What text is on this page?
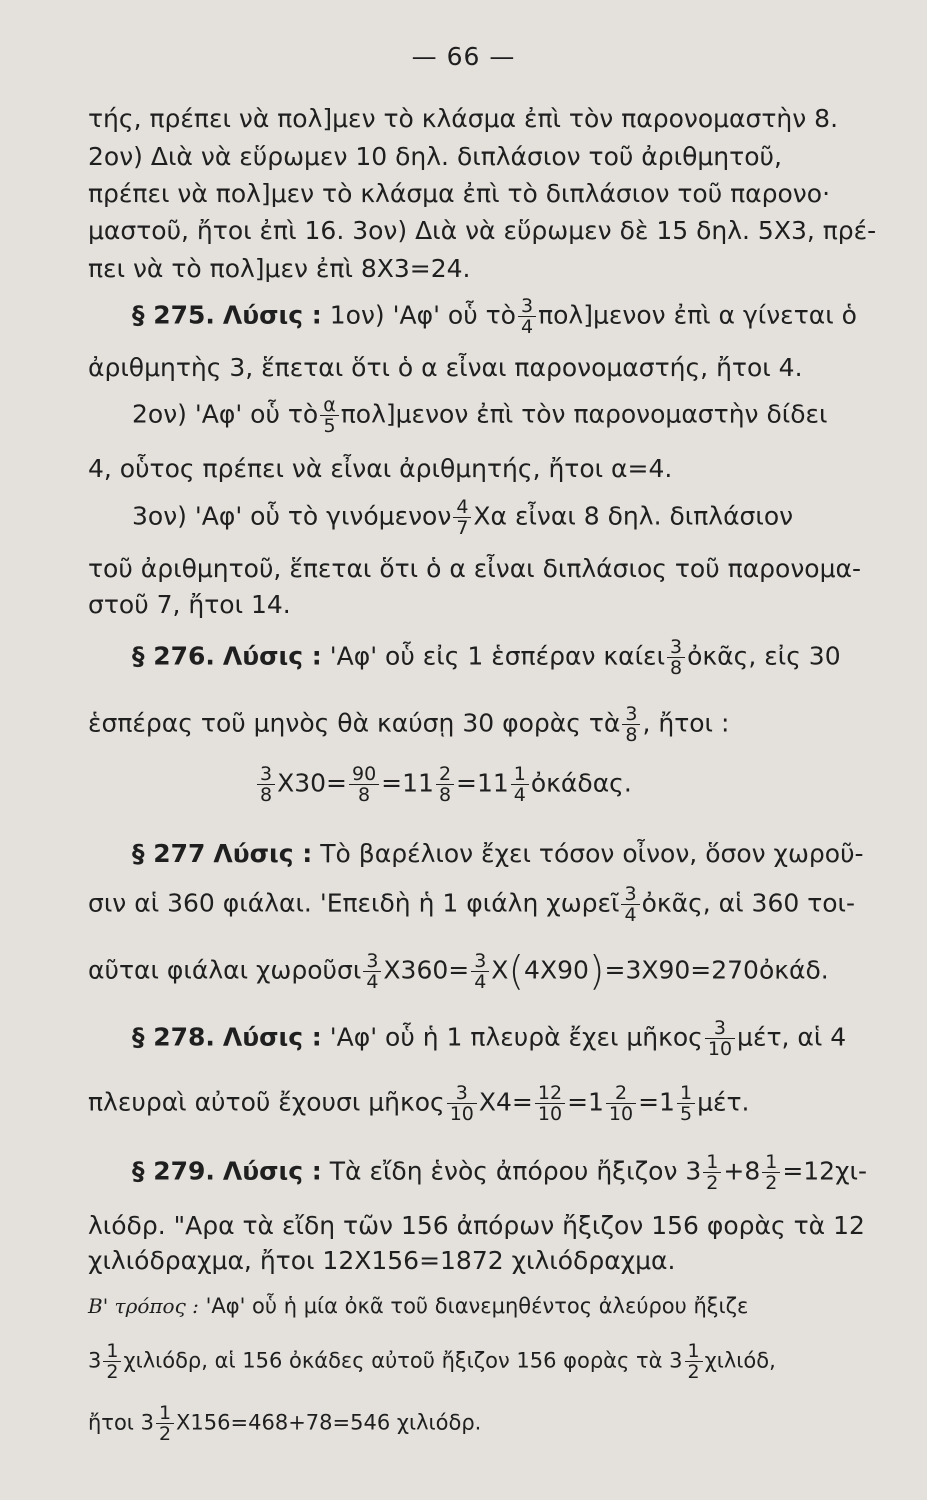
— 66 —
τής, πρέπει νὰ πολ]μεν τὸ κλάσμα ἐπὶ τὸν παρονομαστὴν 8.
2ον) Διὰ νὰ εὕρωμεν 10 δηλ. διπλάσιον τοῦ ἀριθμητοῦ,
πρέπει νὰ πολ]μεν τὸ κλάσμα ἐπὶ τὸ διπλάσιον τοῦ παρονο·
μαστοῦ, ἤτοι ἐπὶ 16. 3ον) Διὰ νὰ εὕρωμεν δὲ 15 δηλ. 5X3, πρέ-
πει νὰ τὸ πολ]μεν ἐπὶ 8X3=24.
§ 275. Λύσις : 1ον) 'Αφ' οὗ τὸ $\frac{3}{4} \pi o\lambda]\mu\varepsilon\nu o\nu$ ἐπὶ α γίνεται ὁ
ἀριθμητὴς 3, ἕπεται ὅτι ὁ α εἶναι παρονομαστής, ἤτοι 4.
2ον) 'Αφ' οὗ τὸ $\frac{\alpha}{5} \pi o\lambda]\mu\varepsilon\nu o\nu$ ἐπὶ τὸν παρονομαστὴν δίδει
4, οὗτος πρέπει νὰ εἶναι ἀριθμητής, ἤτοι α=4.
3ον) 'Αφ' οὗ τὸ γινόμενον $\frac{4}{7}$ Xα εἶναι 8 δηλ. διπλάσιον
τοῦ ἀριθμητοῦ, ἕπεται ὅτι ὁ α εἶναι διπλάσιος τοῦ παρονομα-
στοῦ 7, ἤτοι 14.
§ 276. Λύσις : 'Αφ' οὗ εἰς 1 ἑσπέραν καίει $\frac{3}{8}$ ὀκᾶς, εἰς 30
ἑσπέρας τοῦ μηνὸς θὰ καύσῃ 30 φορὰς τὰ $\frac{3}{8}$ , ἤτοι :
$\frac{3}{8} X30= \frac{90}{8} =11 \frac{2}{8} =11 \frac{1}{4}$ ὀκάδας.
§ 277 Λύσις : Τὸ βαρέλιον ἔχει τόσον οἶνον, ὅσον χωροῦ-
σιν αἱ 360 φιάλαι. 'Επειδὴ ἡ 1 φιάλη χωρεῖ $\frac{3}{4}$ ὀκᾶς, αἱ 360 τοι-
αῦται φιάλαι χωροῦσι $\frac{3}{4} X360= \frac{3}{4}$ X(4X90)=3X90=270ὀκάδ.
§ 278. Λύσις : 'Αφ' οὗ ἡ 1 πλευρὰ ἔχει μῆκος $\frac{3}{10} \mu έ\tau$, αἱ 4
πλευραὶ αὐτοῦ ἔχουσι μῆκος $\frac{3}{10} X4= \frac{12}{10} =1 \frac{2}{10} =1 \frac{1}{5} \mu έ\tau$.
§ 279. Λύσις : Τὰ εἴδη ἑνὸς ἀπόρου ἤξιζον $3 \frac{1}{2} +8 \frac{1}{2} =12\chi\iota-$
λιόδρ. "Αρα τὰ εἴδη τῶν 156 ἀπόρων ἤξιζον 156 φορὰς τὰ 12
χιλιόδραχμα, ἤτοι 12X156=1872 χιλιόδραχμα.
Β' τρόπος : 'Αφ' οὗ ἡ μία ὀκᾶ τοῦ διανεμηθέντος ἀλεύρου ἤξιζε
$3 \frac{1}{2} \chi\iota\lambda\iota ό\delta\rho$, αἱ 156 ὀκάδες αὐτοῦ ἤξιζον 156 φορὰς τὰ $3 \frac{1}{2} \chi\iota\lambda\iota ό\delta$,
ἤτοι $3 \frac{1}{2} X156=468+78=546$ χιλιόδρ.
